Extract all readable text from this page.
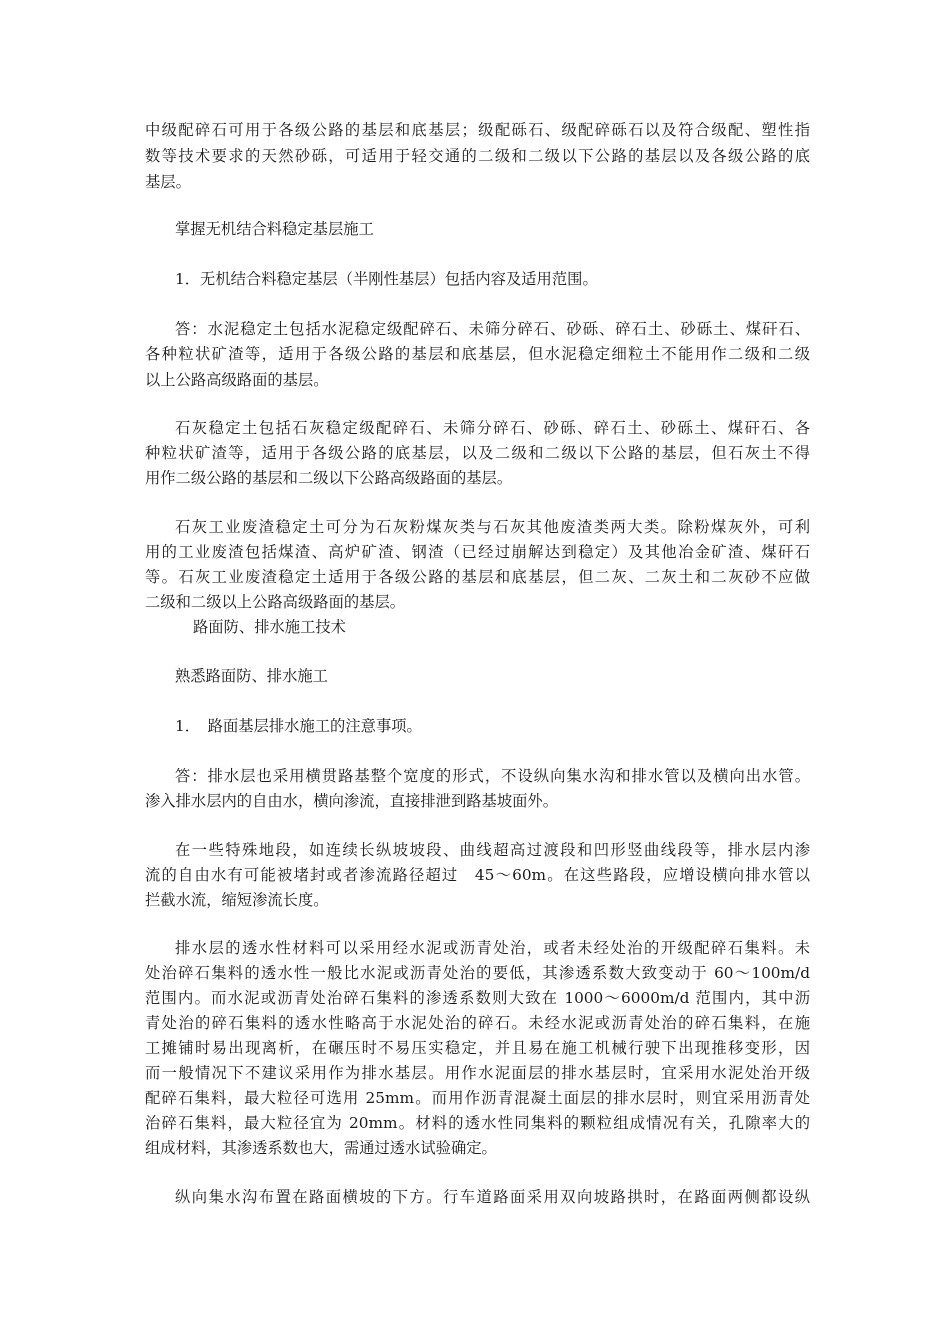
中级配碎石可用于各级公路的基层和底基层；级配砾石、级配碎砾石以及符合级配、塑性指
数等技术要求的天然砂砾，可适用于轻交通的二级和二级以下公路的基层以及各级公路的底
基层。
掌握无机结合料稳定基层施工
1．无机结合料稳定基层（半刚性基层）包括内容及适用范围。
答：水泥稳定土包括水泥稳定级配碎石、未筛分碎石、砂砾、碎石土、砂砾土、煤矸石、
各种粒状矿渣等，适用于各级公路的基层和底基层，但水泥稳定细粒土不能用作二级和二级
以上公路高级路面的基层。
石灰稳定土包括石灰稳定级配碎石、未筛分碎石、砂砾、碎石土、砂砾土、煤矸石、各
种粒状矿渣等，适用于各级公路的底基层，以及二级和二级以下公路的基层，但石灰土不得
用作二级公路的基层和二级以下公路高级路面的基层。
石灰工业废渣稳定土可分为石灰粉煤灰类与石灰其他废渣类两大类。除粉煤灰外，可利
用的工业废渣包括煤渣、高炉矿渣、钢渣（已经过崩解达到稳定）及其他冶金矿渣、煤矸石
等。石灰工业废渣稳定土适用于各级公路的基层和底基层，但二灰、二灰土和二灰砂不应做
二级和二级以上公路高级路面的基层。
路面防、排水施工技术
熟悉路面防、排水施工
1．　路面基层排水施工的注意事项。
答：排水层也采用横贯路基整个宽度的形式，不设纵向集水沟和排水管以及横向出水管。
渗入排水层内的自由水，横向渗流，直接排泄到路基坡面外。
在一些特殊地段，如连续长纵坡坡段、曲线超高过渡段和凹形竖曲线段等，排水层内渗
流的自由水有可能被堵封或者渗流路径超过　45～60m。在这些路段，应增设横向排水管以
拦截水流，缩短渗流长度。
排水层的透水性材料可以采用经水泥或沥青处治，或者未经处治的开级配碎石集料。未
处治碎石集料的透水性一般比水泥或沥青处治的要低，其渗透系数大致变动于 60～100m/d
范围内。而水泥或沥青处治碎石集料的渗透系数则大致在 1000～6000m/d 范围内，其中沥
青处治的碎石集料的透水性略高于水泥处治的碎石。未经水泥或沥青处治的碎石集料，在施
工摊铺时易出现离析，在碾压时不易压实稳定，并且易在施工机械行驶下出现推移变形，因
而一般情况下不建议采用作为排水基层。用作水泥面层的排水基层时，宜采用水泥处治开级
配碎石集料，最大粒径可选用 25mm。而用作沥青混凝土面层的排水层时，则宜采用沥青处
治碎石集料，最大粒径宜为 20mm。材料的透水性同集料的颗粒组成情况有关，孔隙率大的
组成材料，其渗透系数也大，需通过透水试验确定。
纵向集水沟布置在路面横坡的下方。行车道路面采用双向坡路拱时，在路面两侧都设纵
